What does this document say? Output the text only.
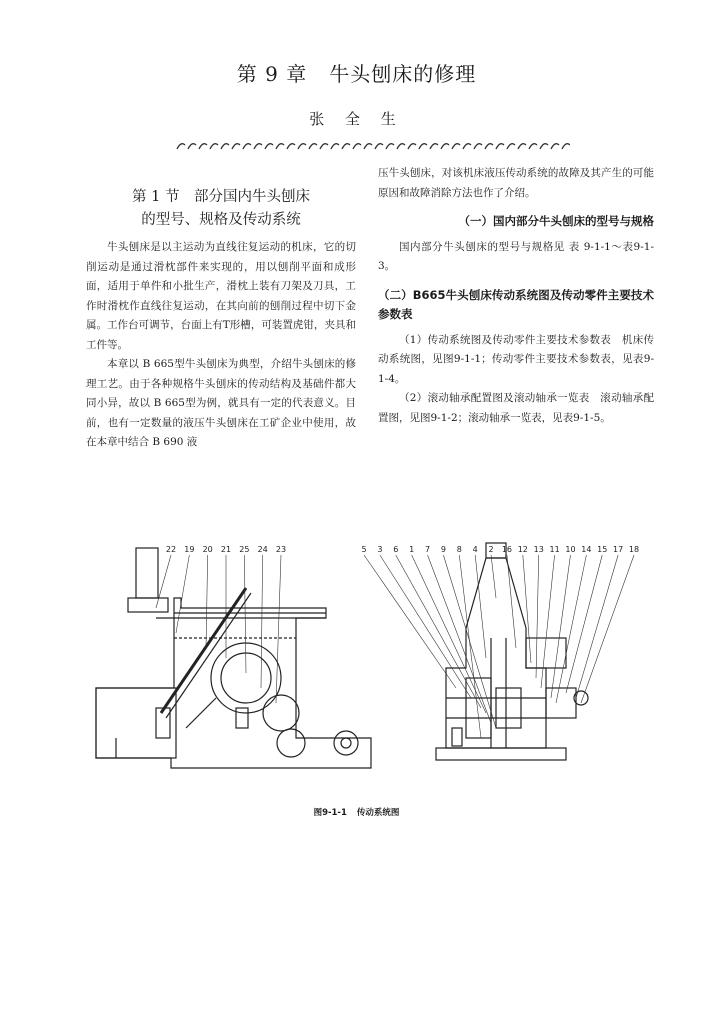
第 9 章 牛头刨床的修理
张 全 生
第 1 节　部分国内牛头刨床
的型号、规格及传动系统

牛头刨床是以主运动为直线往复运动的机床，它的切削运动是通过滑枕部件来实现的，用以刨削平面和成形面，适用于单件和小批生产，滑枕上装有刀架及刀具，工作时滑枕作直线往复运动，在其向前的刨削过程中切下金属。工作台可调节，台面上有T形槽，可装置虎钳，夹具和工件等。

本章以 B 665型牛头刨床为典型，介绍牛头刨床的修理工艺。由于各种规格牛头刨床的传动结构及基础件都大同小异，故以 B 665型为例，就具有一定的代表意义。目前，也有一定数量的液压牛头刨床在工矿企业中使用，故在本章中结合 B 690 液

压牛头刨床，对该机床液压传动系统的故障及其产生的可能原因和故障消除方法也作了介绍。

（一）国内部分牛头刨床的型号与规格

国内部分牛头刨床的型号与规格见 表 9-1-1～表9-1-3。

（二）B665牛头刨床传动系统图及传动零件主要技术参数表

（1）传动系统图及传动零件主要技术参数表　机床传动系统图，见图9-1-1；传动零件主要技术参数表，见表9-1-4。

（2）滚动轴承配置图及滚动轴承一览表　滚动轴承配置图，见图9-1-2；滚动轴承一览表，见表9-1-5。

22 19 20 21 25 24 23	5 3 6 1 7 9 8 4 2 16 12 13 11 10 14 15 17 18
图9-1-1 传动系统图
